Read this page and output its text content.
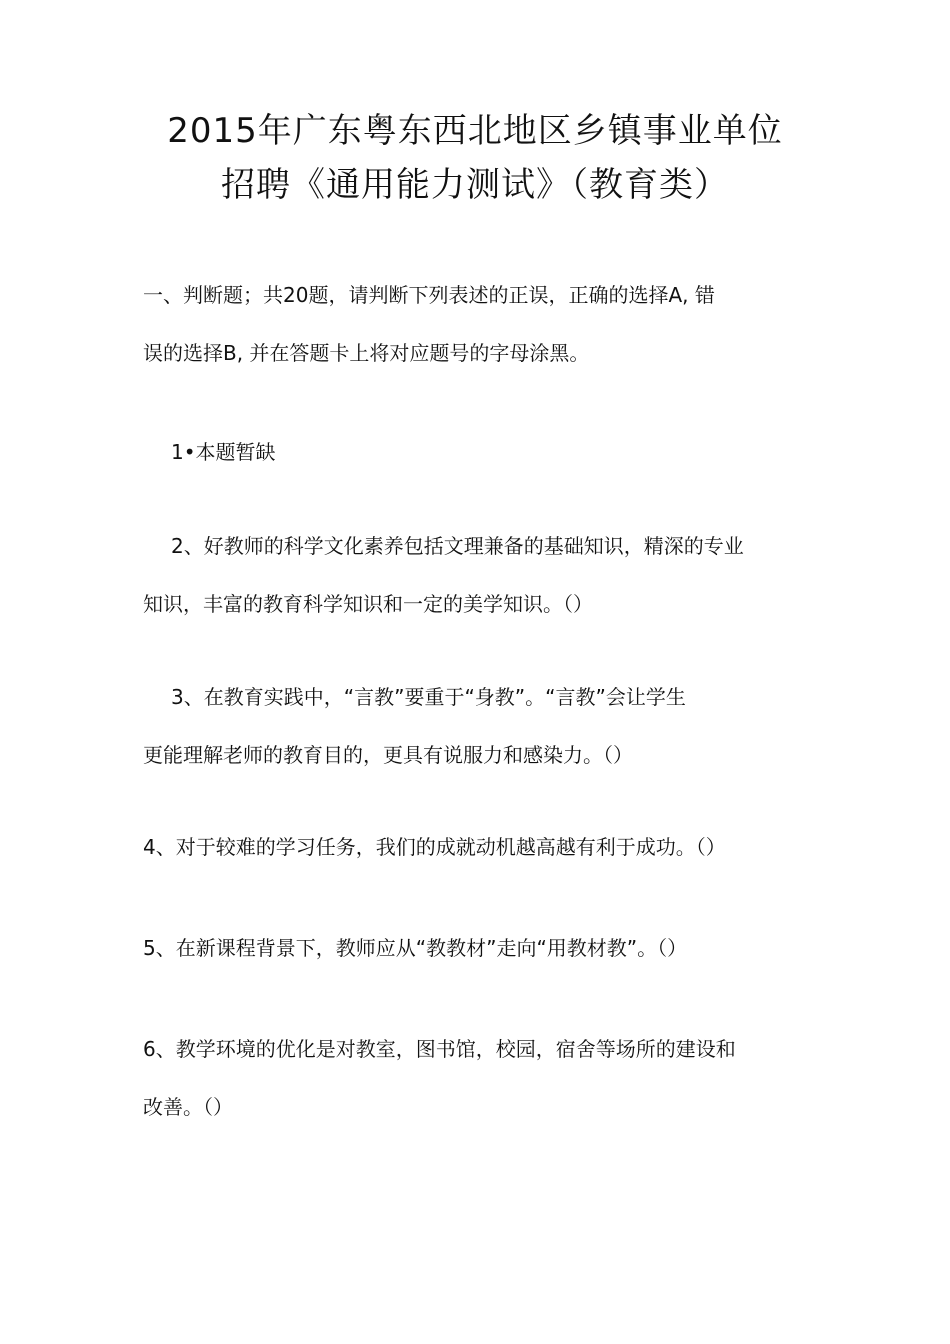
2015年广东粤东西北地区乡镇事业单位
招聘《通用能力测试》（教育类）
一、判断题；共20题，请判断下列表述的正误，正确的选择A, 错
误的选择B, 并在答题卡上将对应题号的字母涂黑。
1•本题暂缺
2、好教师的科学文化素养包括文理兼备的基础知识，精深的专业
知识，丰富的教育科学知识和一定的美学知识。（）
3、在教育实践中，“言教”要重于“身教”。“言教”会让学生
更能理解老师的教育目的，更具有说服力和感染力。（）
4、对于较难的学习任务，我们的成就动机越高越有利于成功。（）
5、在新课程背景下，教师应从“教教材”走向“用教材教”。（）
6、教学环境的优化是对教室，图书馆，校园，宿舍等场所的建设和
改善。（）
